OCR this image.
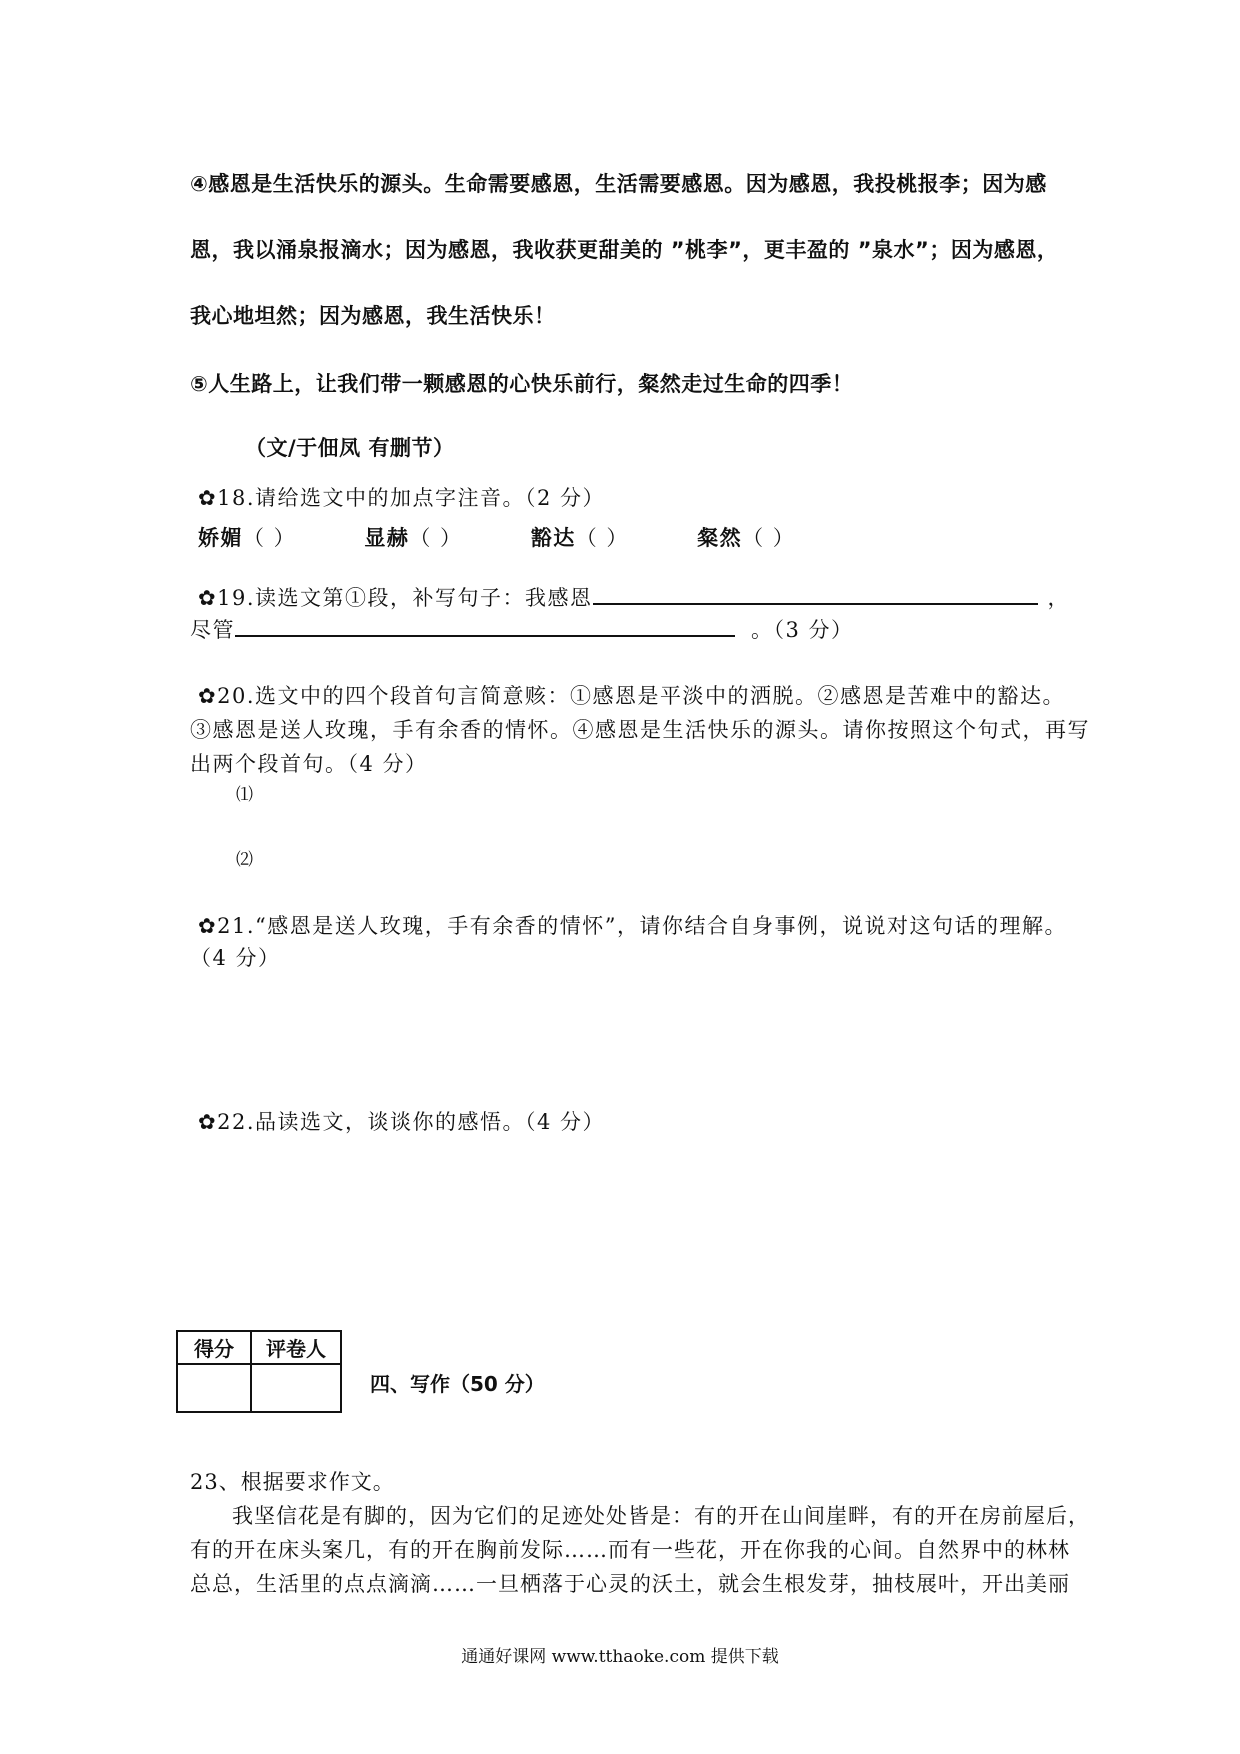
④感恩是生活快乐的源头。生命需要感恩，生活需要感恩。因为感恩，我投桃报李；因为感
恩，我以涌泉报滴水；因为感恩，我收获更甜美的 ”桃李”，更丰盈的 ”泉水”；因为感恩，
我心地坦然；因为感恩，我生活快乐！
⑤人生路上，让我们带一颗感恩的心快乐前行，粲然走过生命的四季！
（文/于佃凤 有删节）
✿18.请给选文中的加点字注音。（2 分）
娇媚（ ）	显赫（ ）	豁达（ ）	粲然（ ）
✿19.读选文第①段，补写句子：我感恩	，
尽管	。（3 分）
✿20.选文中的四个段首句言简意赅：①感恩是平淡中的洒脱。②感恩是苦难中的豁达。
③感恩是送人玫瑰，手有余香的情怀。④感恩是生活快乐的源头。请你按照这个句式，再写
出两个段首句。（4 分）
⑴
⑵
✿21.“感恩是送人玫瑰，手有余香的情怀”，请你结合自身事例，说说对这句话的理解。
（4 分）
✿22.品读选文，谈谈你的感悟。（4 分）
得分	评卷人

四、写作（50 分）
23、根据要求作文。
我坚信花是有脚的，因为它们的足迹处处皆是：有的开在山间崖畔，有的开在房前屋后，
有的开在床头案几，有的开在胸前发际……而有一些花，开在你我的心间。自然界中的林林
总总，生活里的点点滴滴……一旦栖落于心灵的沃土，就会生根发芽，抽枝展叶，开出美丽
通通好课网 www.tthaoke.com 提供下载
